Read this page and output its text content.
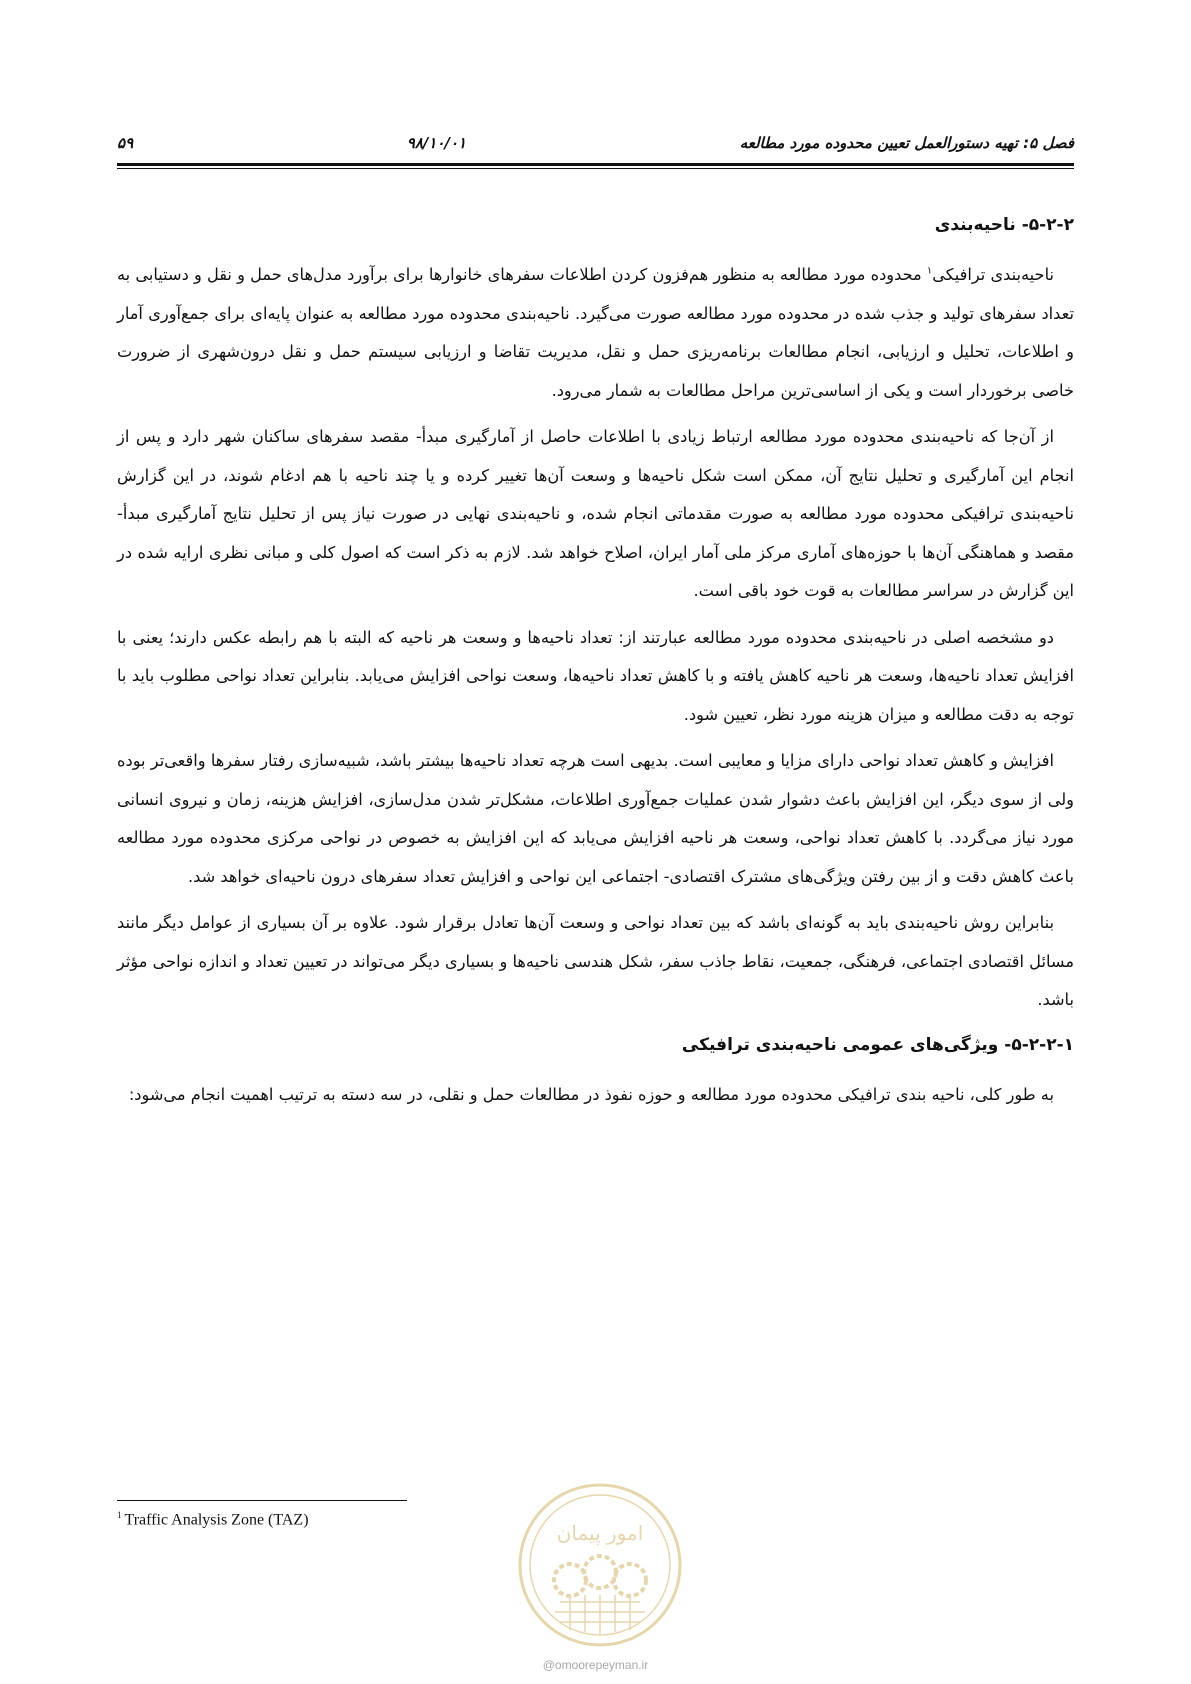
فصل ۵: تهیه دستورالعمل تعیین محدوده مورد مطالعه
۹۸/۱۰/۰۱
۵۹
۵-۲-۲- ناحیه‌بندی

ناحیه‌بندی ترافیکی$^۱$ محدوده مورد مطالعه به منظور هم‌فزون کردن اطلاعات سفرهای خانوارها برای برآورد مدل‌های حمل و نقل و دستیابی به تعداد سفرهای تولید و جذب شده در محدوده مورد مطالعه صورت می‌گیرد. ناحیه‌بندی محدوده مورد مطالعه به عنوان پایه‌ای برای جمع‌آوری آمار و اطلاعات، تحلیل و ارزیابی، انجام مطالعات برنامه‌ریزی حمل و نقل، مدیریت تقاضا و ارزیابی سیستم حمل و نقل درون‌شهری از ضرورت خاصی برخوردار است و یکی از اساسی‌ترین مراحل مطالعات به شمار می‌رود.

از آن‌جا که ناحیه‌بندی محدوده مورد مطالعه ارتباط زیادی با اطلاعات حاصل از آمارگیری مبدأ- مقصد سفرهای ساکنان شهر دارد و پس از انجام این آمارگیری و تحلیل نتایج آن، ممکن است شکل ناحیه‌ها و وسعت آن‌ها تغییر کرده و یا چند ناحیه با هم ادغام شوند، در این گزارش ناحیه‌بندی ترافیکی محدوده مورد مطالعه به صورت مقدماتی انجام شده، و ناحیه‌بندی نهایی در صورت نیاز پس از تحلیل نتایج آمارگیری مبدأ- مقصد و هماهنگی آن‌ها با حوزه‌های آماری مرکز ملی آمار ایران، اصلاح خواهد شد. لازم به ذکر است که اصول کلی و مبانی نظری ارایه شده در این گزارش در سراسر مطالعات به قوت خود باقی است.

دو مشخصه اصلی در ناحیه‌بندی محدوده مورد مطالعه عبارتند از: تعداد ناحیه‌ها و وسعت هر ناحیه که البته با هم رابطه عکس دارند؛ یعنی با افزایش تعداد ناحیه‌ها، وسعت هر ناحیه کاهش یافته و با کاهش تعداد ناحیه‌ها، وسعت نواحی افزایش می‌یابد. بنابراین تعداد نواحی مطلوب باید با توجه به دقت مطالعه و میزان هزینه مورد نظر، تعیین شود.

افزایش و کاهش تعداد نواحی دارای مزایا و معایبی است. بدیهی است هرچه تعداد ناحیه‌ها بیشتر باشد، شبیه‌سازی رفتار سفرها واقعی‌تر بوده ولی از سوی دیگر، این افزایش باعث دشوار شدن عملیات جمع‌آوری اطلاعات، مشکل‌تر شدن مدل‌سازی، افزایش هزینه، زمان و نیروی انسانی مورد نیاز می‌گردد. با کاهش تعداد نواحی، وسعت هر ناحیه افزایش می‌یابد که این افزایش به خصوص در نواحی مرکزی محدوده مورد مطالعه باعث کاهش دقت و از بین رفتن ویژگی‌های مشترک اقتصادی- اجتماعی این نواحی و افزایش تعداد سفرهای درون ناحیه‌ای خواهد شد.

بنابراین روش ناحیه‌بندی باید به گونه‌ای باشد که بین تعداد نواحی و وسعت آن‌ها تعادل برقرار شود. علاوه بر آن بسیاری از عوامل دیگر مانند مسائل اقتصادی اجتماعی، فرهنگی، جمعیت، نقاط جاذب سفر، شکل هندسی ناحیه‌ها و بسیاری دیگر می‌تواند در تعیین تعداد و اندازه نواحی مؤثر باشد.

۵-۲-۲-۱- ویژگی‌های عمومی ناحیه‌بندی ترافیکی

به طور کلی، ناحیه بندی ترافیکی محدوده مورد مطالعه و حوزه نفوذ در مطالعات حمل و نقلی، در سه دسته به ترتیب اهمیت انجام می‌شود:

$^1$ Traffic Analysis Zone (TAZ)
امور پیمان
@omoorepeyman.ir
